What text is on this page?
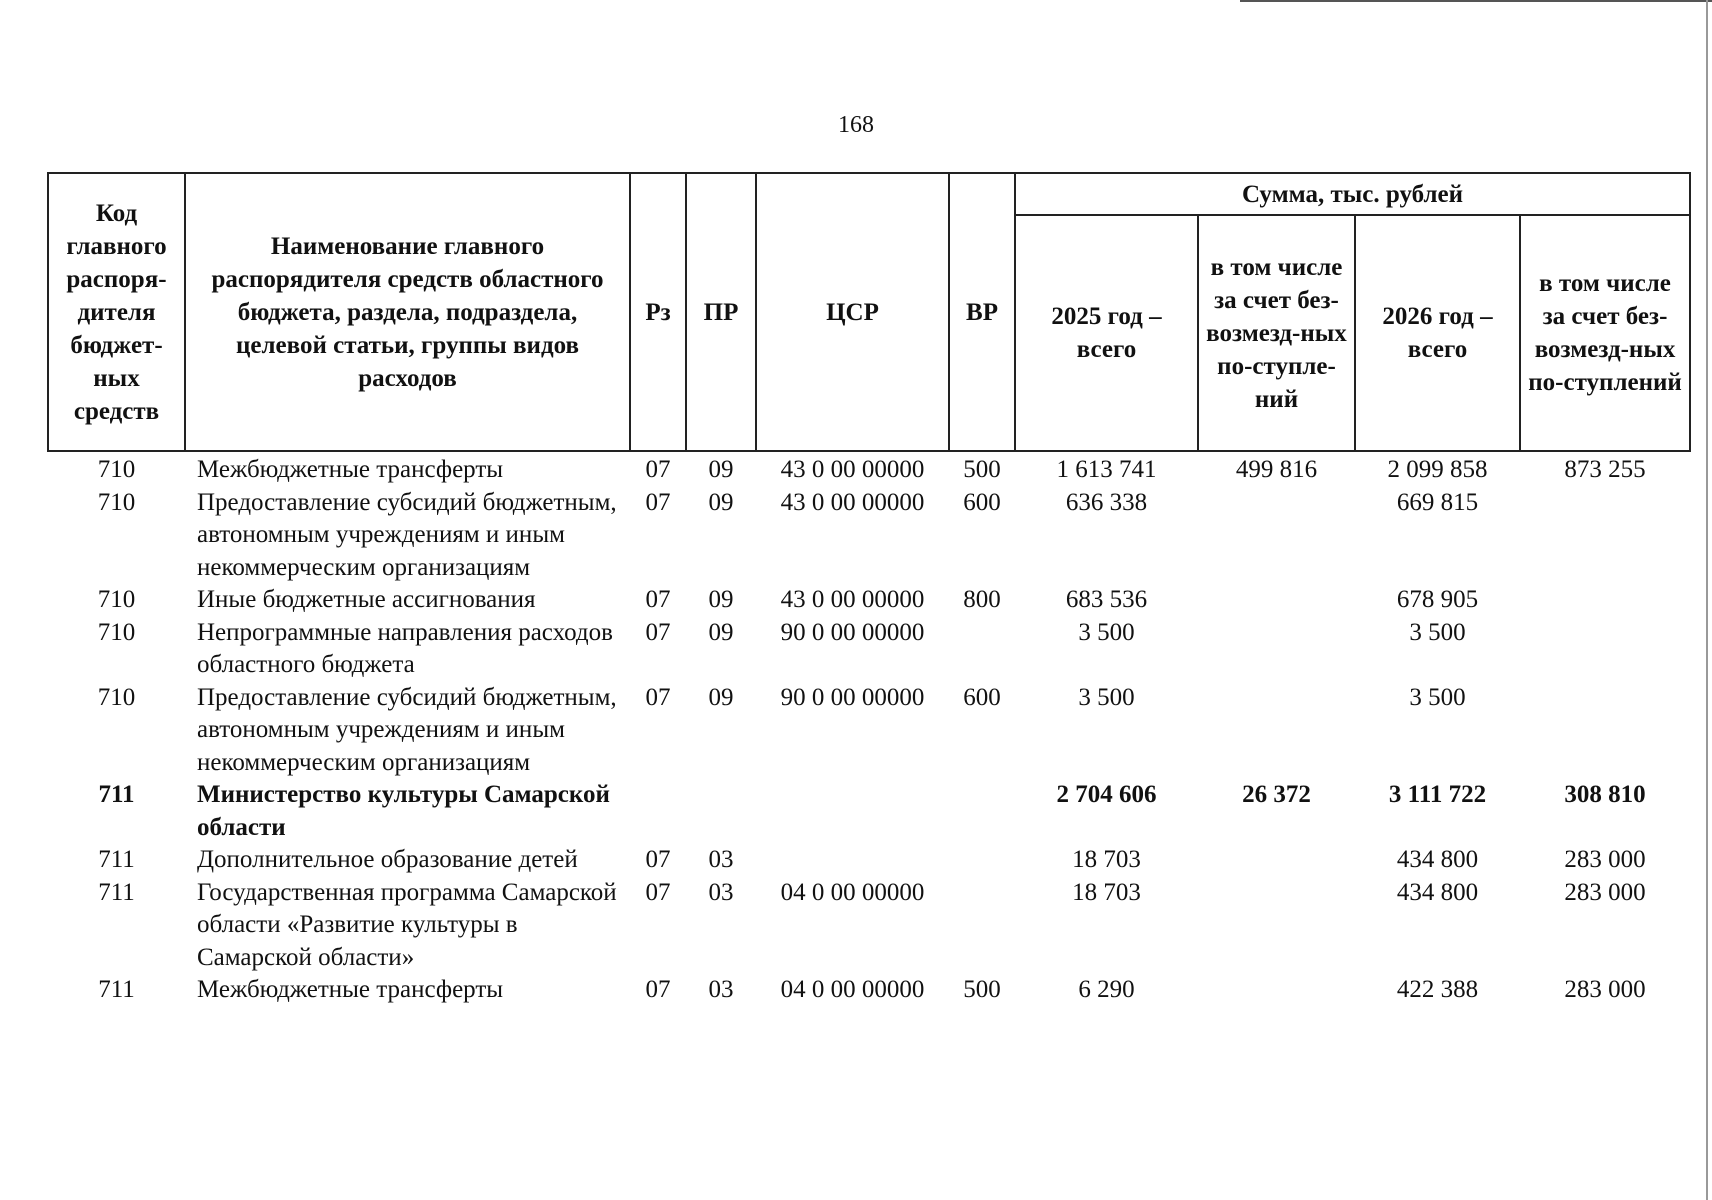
168
Код главного распоря-дителя бюджет-ных средств	Наименование главного распорядителя средств областного бюджета, раздела, подраздела, целевой статьи, группы видов расходов	Рз	ПР	ЦСР	ВР	Сумма, тыс. рублей			
						2025 год – всего	в том числе за счет без-возмезд-ных по-ступле-ний	2026 год – всего	в том числе за счет без-возмезд-ных по-ступлений
710	Межбюджетные трансферты	07	09	43 0 00 00000	500	1 613 741	499 816	2 099 858	873 255
710	Предоставление субсидий бюджетным, автономным учреждениям и иным некоммерческим организациям	07	09	43 0 00 00000	600	636 338		669 815	
710	Иные бюджетные ассигнования	07	09	43 0 00 00000	800	683 536		678 905	
710	Непрограммные направления расходов областного бюджета	07	09	90 0 00 00000		3 500		3 500	
710	Предоставление субсидий бюджетным, автономным учреждениям и иным некоммерческим организациям	07	09	90 0 00 00000	600	3 500		3 500	
711	Министерство культуры Самарской области					2 704 606	26 372	3 111 722	308 810
711	Дополнительное образование детей	07	03			18 703		434 800	283 000
711	Государственная программа Самарской области «Развитие культуры в Самарской области»	07	03	04 0 00 00000		18 703		434 800	283 000
711	Межбюджетные трансферты	07	03	04 0 00 00000	500	6 290		422 388	283 000
